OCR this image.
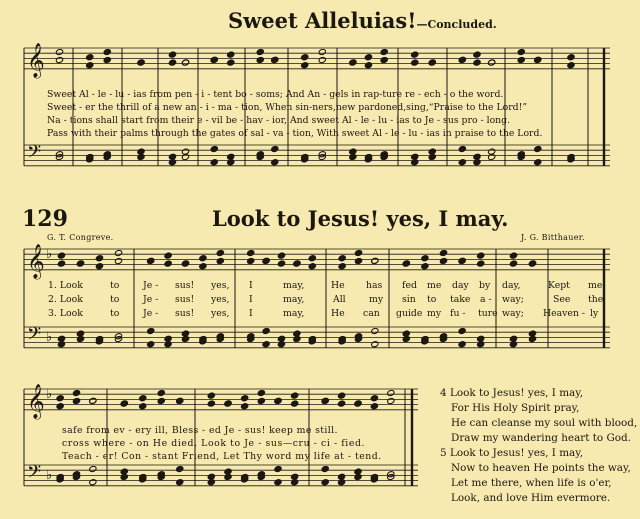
𝄞
𝄢
𝄞
𝄢
♭
♭
𝄞
𝄢
♭
♭
Sweet Alleluias!—Concluded.
Sweet Al - le - lu - ias from pen - i - tent bo - soms; And An - gels in rap-ture re - ech - o the word.
Sweet - er the thrill of a new an - i - ma - tion, When sin-ners,new pardoned,sing,“Praise to the Lord!”
Na - tions shall start from their e - vil be - hav - ior, And sweet Al - le - lu - ias to Je - sus pro - long.
Pass with their palms through the gates of sal - va - tion, With sweet Al - le - lu - ias in praise to the Lord.
129	Look to Jesus! yes, I may.
G. T. Congreve.	J. G. Bitthauer.
1. Look	to	Je - sus! yes, I	may,	He has fed me day by day,	Kept me
2. Look	to	Je - sus! yes, I	may,	All	my sin to take a - way;	See the
3. Look	to	Je - sus! yes, I	may,	He can guide my fu - ture way; Heaven - ly
safe from ev - ery ill, Bless - ed Je - sus! keep me still.
cross where - on He died, Look to Je - sus—cru - ci - fied.
Teach - er! Con - stant Friend, Let Thy word my life at - tend.
4 Look to Jesus! yes, I may,
For His Holy Spirit pray,
He can cleanse my soul with blood,
Draw my wandering heart to God.
5 Look to Jesus! yes, I may,
Now to heaven He points the way,
Let me there, when life is o'er,
Look, and love Him evermore.
